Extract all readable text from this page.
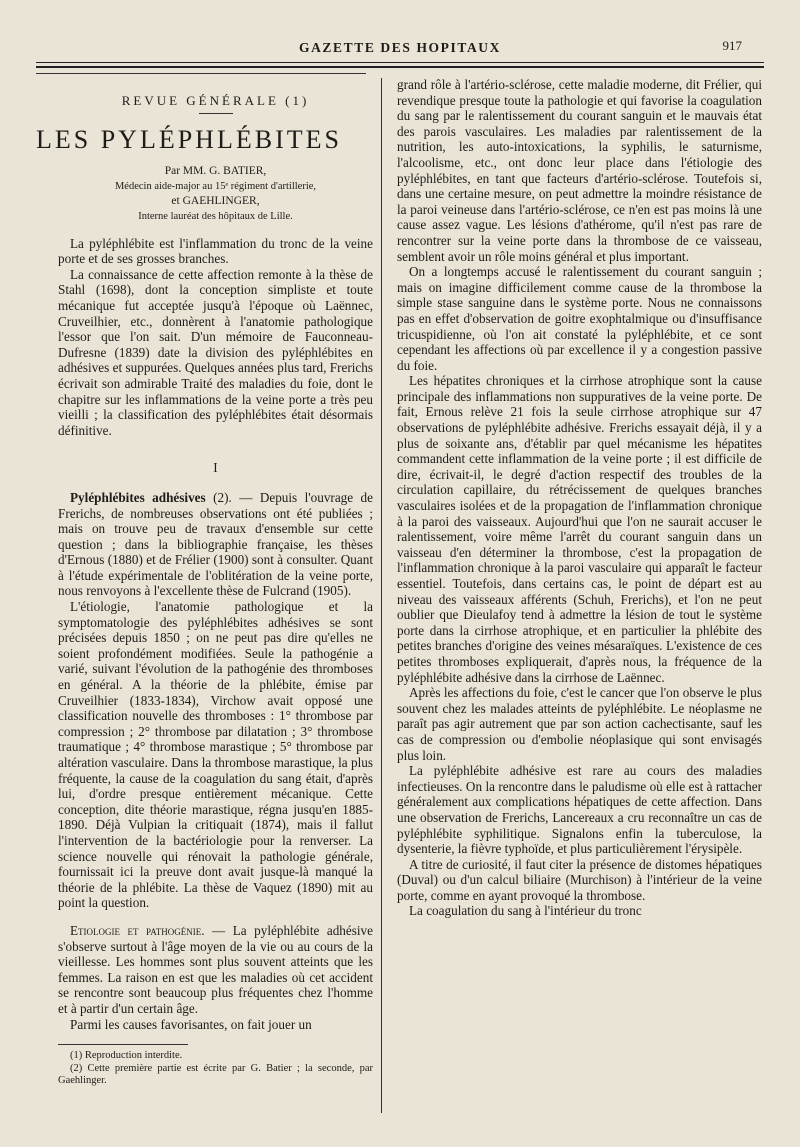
GAZETTE DES HOPITAUX	917
REVUE GÉNÉRALE (1)
LES PYLÉPHLÉBITES

Par MM. G. BATIER,

Médecin aide-major au 15ᵉ régiment d'artillerie,

et GAEHLINGER,

Interne lauréat des hôpitaux de Lille.

La pyléphlébite est l'inflammation du tronc de la veine porte et de ses grosses branches.

La connaissance de cette affection remonte à la thèse de Stahl (1698), dont la conception simpliste et toute mécanique fut acceptée jusqu'à l'époque où Laënnec, Cruveilhier, etc., donnèrent à l'anatomie pathologique l'essor que l'on sait. D'un mémoire de Fauconneau-Dufresne (1839) date la division des pyléphlébites en adhésives et suppurées. Quelques années plus tard, Frerichs écrivait son admirable Traité des maladies du foie, dont le chapitre sur les inflammations de la veine porte a très peu vieilli ; la classification des pyléphlébites était désormais définitive.

I

Pyléphlébites adhésives (2). — Depuis l'ouvrage de Frerichs, de nombreuses observations ont été publiées ; mais on trouve peu de travaux d'ensemble sur cette question ; dans la bibliographie française, les thèses d'Ernous (1880) et de Frélier (1900) sont à consulter. Quant à l'étude expérimentale de l'oblitération de la veine porte, nous renvoyons à l'excellente thèse de Fulcrand (1905).

L'étiologie, l'anatomie pathologique et la symptomatologie des pyléphlébites adhésives se sont précisées depuis 1850 ; on ne peut pas dire qu'elles ne soient profondément modifiées. Seule la pathogénie a varié, suivant l'évolution de la pathogénie des thromboses en général. A la théorie de la phlébite, émise par Cruveilhier (1833-1834), Virchow avait opposé une classification nouvelle des thromboses : 1° thrombose par compression ; 2° thrombose par dilatation ; 3° thrombose traumatique ; 4° thrombose marastique ; 5° thrombose par altération vasculaire. Dans la thrombose marastique, la plus fréquente, la cause de la coagulation du sang était, d'après lui, d'ordre presque entièrement mécanique. Cette conception, dite théorie marastique, régna jusqu'en 1885-1890. Déjà Vulpian la critiquait (1874), mais il fallut l'intervention de la bactériologie pour la renverser. La science nouvelle qui rénovait la pathologie générale, fournissait ici la preuve dont avait jusque-là manqué la théorie de la phlébite. La thèse de Vaquez (1890) mit au point la question.

Etiologie et pathogénie. — La pyléphlébite adhésive s'observe surtout à l'âge moyen de la vie ou au cours de la vieillesse. Les hommes sont plus souvent atteints que les femmes. La raison en est que les maladies où cet accident se rencontre sont beaucoup plus fréquentes chez l'homme et à partir d'un certain âge.

Parmi les causes favorisantes, on fait jouer un

(1) Reproduction interdite.

(2) Cette première partie est écrite par G. Batier ; la seconde, par Gaehlinger.

grand rôle à l'artério-sclérose, cette maladie moderne, dit Frélier, qui revendique presque toute la pathologie et qui favorise la coagulation du sang par le ralentissement du courant sanguin et le mauvais état des parois vasculaires. Les maladies par ralentissement de la nutrition, les auto-intoxications, la syphilis, le saturnisme, l'alcoolisme, etc., ont donc leur place dans l'étiologie des pyléphlébites, en tant que facteurs d'artério-sclérose. Toutefois si, dans une certaine mesure, on peut admettre la moindre résistance de la paroi veineuse dans l'artério-sclérose, ce n'en est pas moins là une cause assez vague. Les lésions d'athérome, qu'il n'est pas rare de rencontrer sur la veine porte dans la thrombose de ce vaisseau, semblent avoir un rôle moins général et plus important.

On a longtemps accusé le ralentissement du courant sanguin ; mais on imagine difficilement comme cause de la thrombose la simple stase sanguine dans le système porte. Nous ne connaissons pas en effet d'observation de goitre exophtalmique ou d'insuffisance tricuspidienne, où l'on ait constaté la pyléphlébite, et ce sont cependant les affections où par excellence il y a congestion passive du foie.

Les hépatites chroniques et la cirrhose atrophique sont la cause principale des inflammations non suppuratives de la veine porte. De fait, Ernous relève 21 fois la seule cirrhose atrophique sur 47 observations de pyléphlébite adhésive. Frerichs essayait déjà, il y a plus de soixante ans, d'établir par quel mécanisme les hépatites commandent cette inflammation de la veine porte ; il est difficile de dire, écrivait-il, le degré d'action respectif des troubles de la circulation capillaire, du rétrécissement de quelques branches vasculaires isolées et de la propagation de l'inflammation chronique à la paroi des vaisseaux. Aujourd'hui que l'on ne saurait accuser le ralentissement, voire même l'arrêt du courant sanguin dans un vaisseau d'en déterminer la thrombose, c'est la propagation de l'inflammation chronique à la paroi vasculaire qui apparaît le facteur essentiel. Toutefois, dans certains cas, le point de départ est au niveau des vaisseaux afférents (Schuh, Frerichs), et l'on ne peut oublier que Dieulafoy tend à admettre la lésion de tout le système porte dans la cirrhose atrophique, et en particulier la phlébite des petites branches d'origine des veines mésaraïques. L'existence de ces petites thromboses expliquerait, d'après nous, la fréquence de la pyléphlébite adhésive dans la cirrhose de Laënnec.

Après les affections du foie, c'est le cancer que l'on observe le plus souvent chez les malades atteints de pyléphlébite. Le néoplasme ne paraît pas agir autrement que par son action cachectisante, sauf les cas de compression ou d'embolie néoplasique qui sont envisagés plus loin.

La pyléphlébite adhésive est rare au cours des maladies infectieuses. On la rencontre dans le paludisme où elle est à rattacher généralement aux complications hépatiques de cette affection. Dans une observation de Frerichs, Lancereaux a cru reconnaître un cas de pyléphlébite syphilitique. Signalons enfin la tuberculose, la dysenterie, la fièvre typhoïde, et plus particulièrement l'érysipèle.

A titre de curiosité, il faut citer la présence de distomes hépatiques (Duval) ou d'un calcul biliaire (Murchison) à l'intérieur de la veine porte, comme en ayant provoqué la thrombose.

La coagulation du sang à l'intérieur du tronc
